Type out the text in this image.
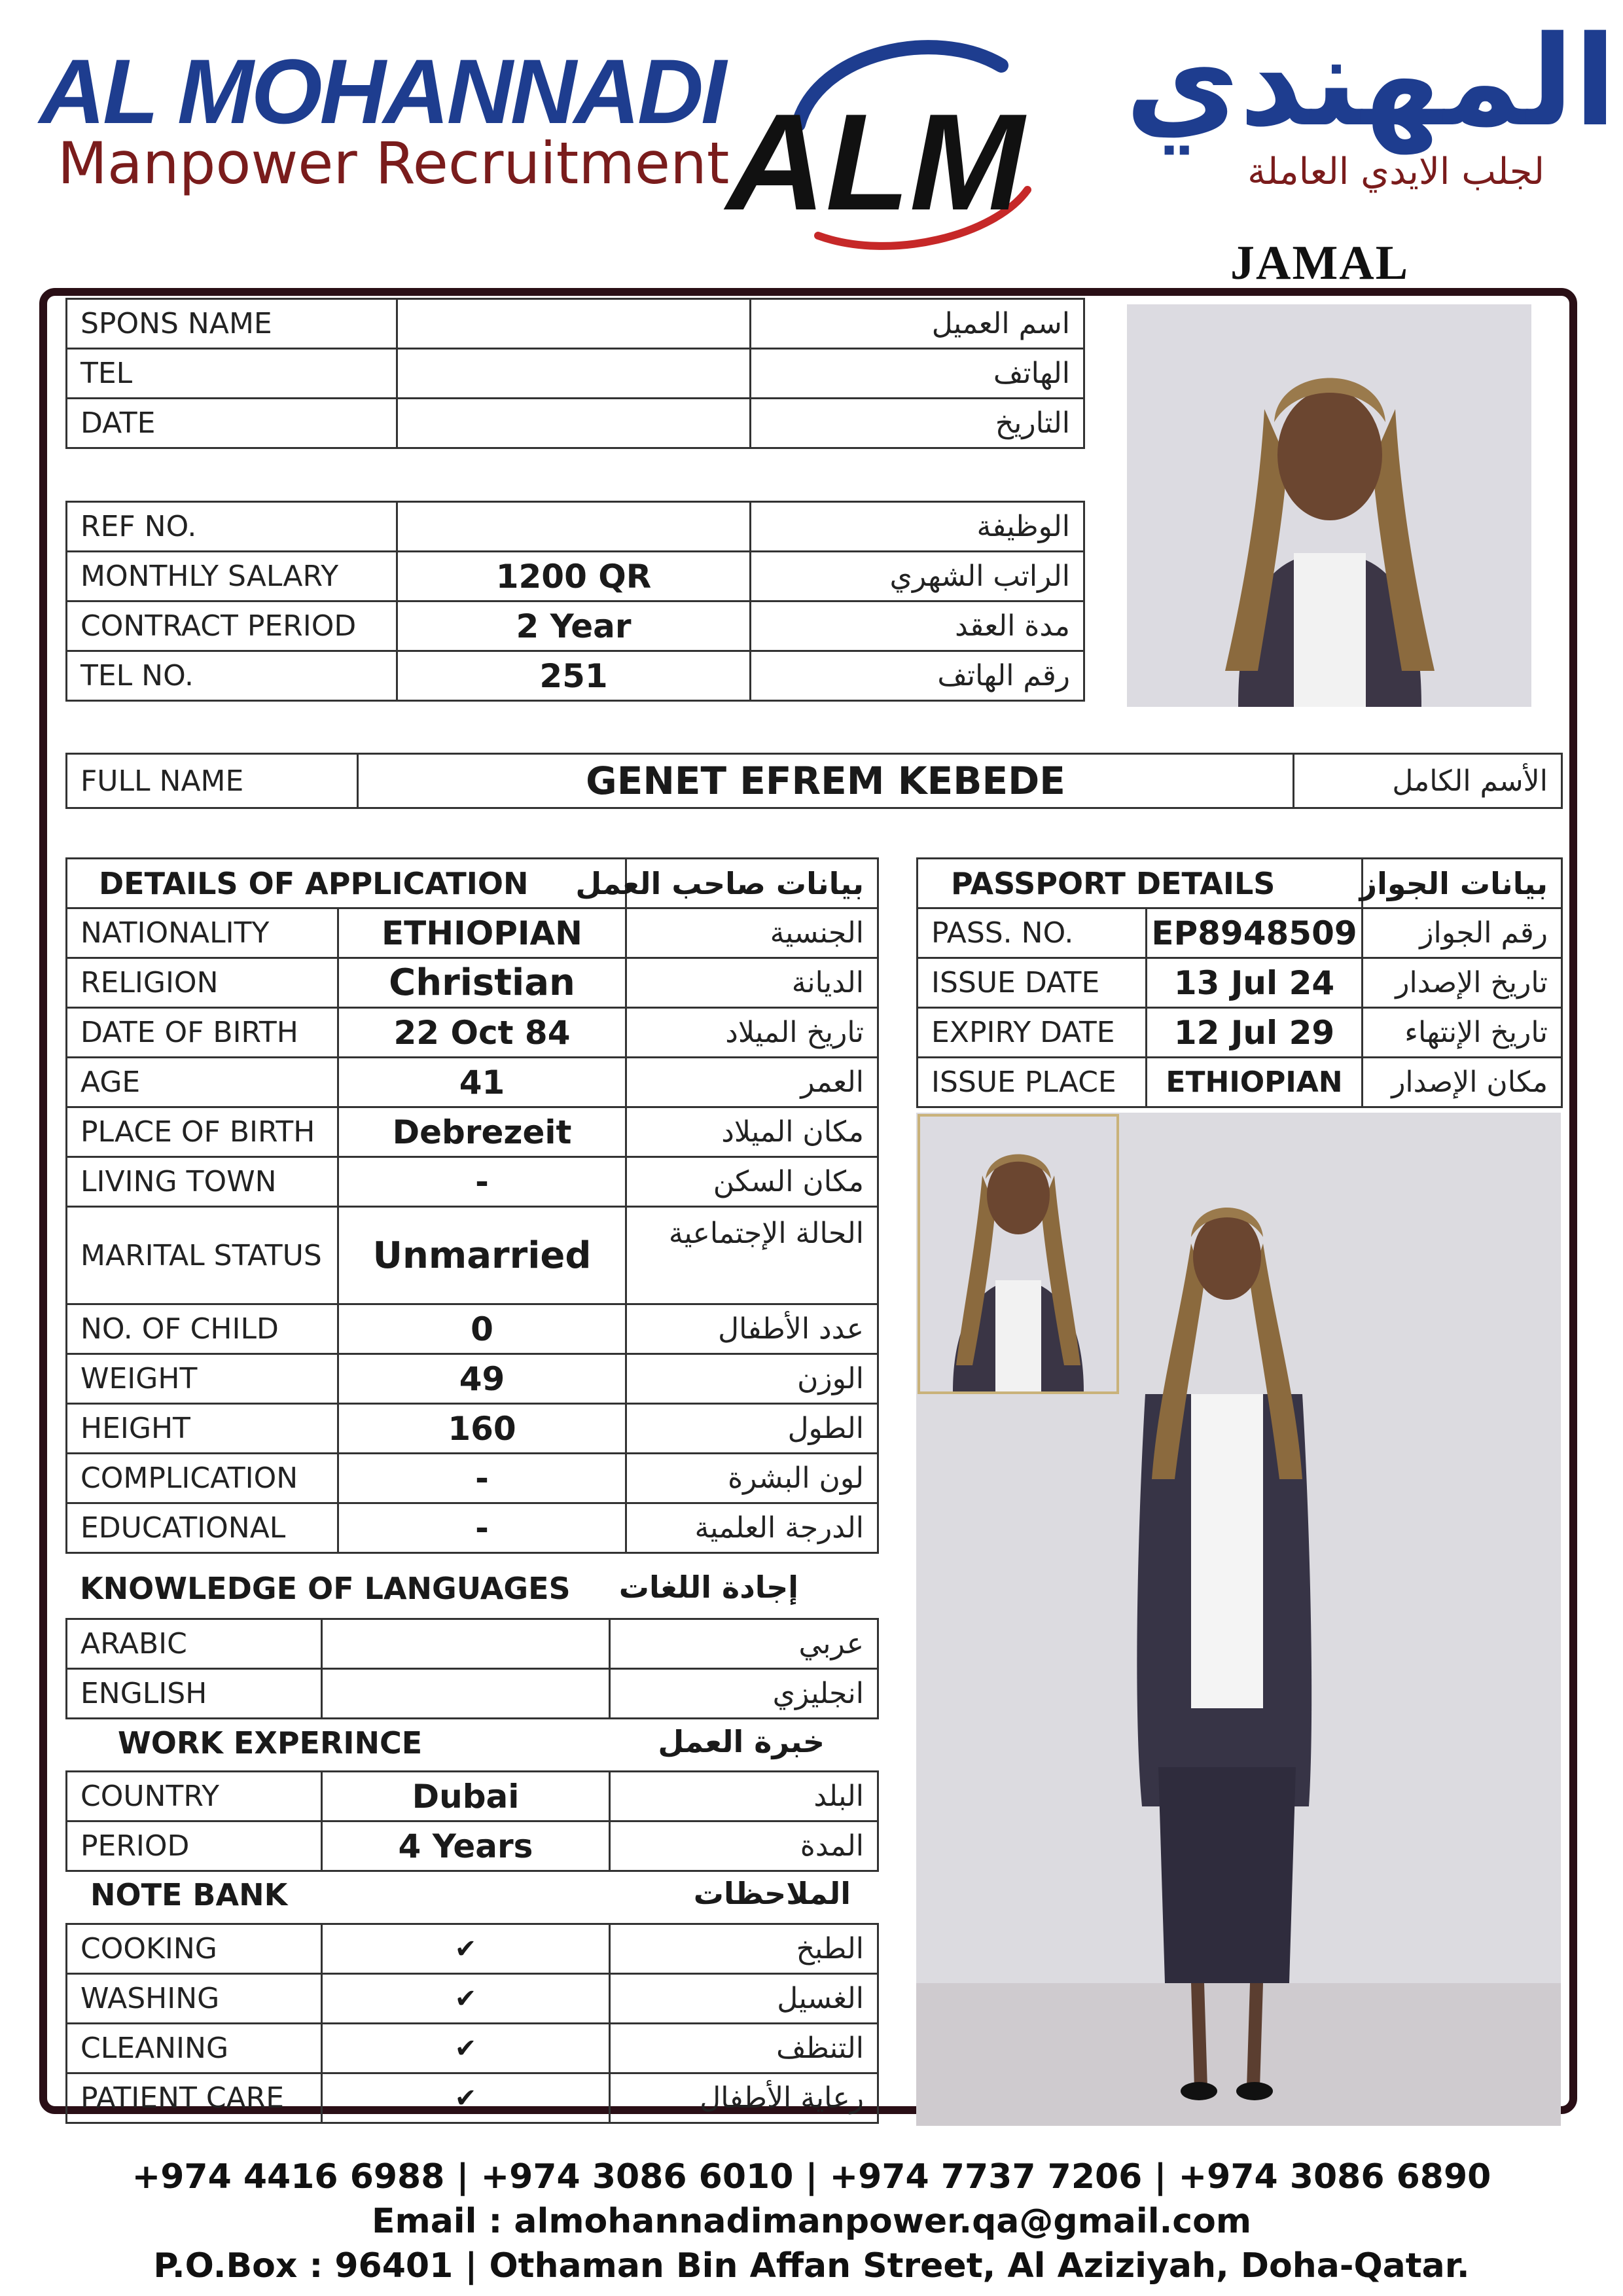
AL MOHANNADI
Manpower Recruitment
ALM
المهندي
لجلب الايدي العاملة
JAMAL
SPONS NAME		اسم العميل
TEL		الهاتف
DATE		التاريخ
REF NO.		الوظيفة
MONTHLY SALARY	1200 QR	الراتب الشهري
CONTRACT PERIOD	2 Year	مدة العقد
TEL NO.	251	رقم الهاتف
FULL NAME	GENET EFREM KEBEDE	الأسم الكامل
DETAILS OF APPLICATION		بيانات صاحب العمل
NATIONALITY	ETHIOPIAN	الجنسية
RELIGION	Christian	الديانة
DATE OF BIRTH	22 Oct 84	تاريخ الميلاد
AGE	41	العمر
PLACE OF BIRTH	Debrezeit	مكان الميلاد
LIVING TOWN	-	مكان السكن
MARITAL STATUS	Unmarried	الحالة الإجتماعية
NO. OF CHILD	0	عدد الأطفال
WEIGHT	49	الوزن
HEIGHT	160	الطول
COMPLICATION	-	لون البشرة
EDUCATIONAL	-	الدرجة العلمية
KNOWLEDGE OF LANGUAGES	إجادة اللغات
ARABIC		عربي
ENGLISH		انجليزي
WORK EXPERINCE	خبرة العمل
COUNTRY	Dubai	البلد
PERIOD	4 Years	المدة
NOTE BANK	الملاحظات
COOKING	✔	الطبخ
WASHING	✔	الغسيل
CLEANING	✔	التنظف
PATIENT CARE	✔	رعاية الأطفال
PASSPORT DETAILS		بيانات الجواز
PASS. NO.	EP8948509	رقم الجواز
ISSUE DATE	13 Jul 24	تاريخ الإصدار
EXPIRY DATE	12 Jul 29	تاريخ الإنتهاء
ISSUE PLACE	ETHIOPIAN	مكان الإصدار
+974 4416 6988 | +974 3086 6010 | +974 7737 7206 | +974 3086 6890
Email : almohannadimanpower.qa@gmail.com
P.O.Box : 96401 | Othaman Bin Affan Street, Al Aziziyah, Doha-Qatar.
